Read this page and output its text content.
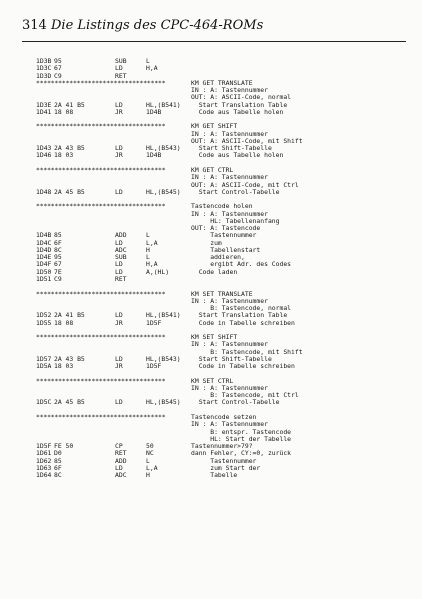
314 Die Listings des CPC-464-ROMs
1D3B 95	SUB	L
1D3C 67	LD	H,A
1D3D C9	RET
***********************************	KM GET TRANSLATE
IN : A: Tastennummer
OUT: A: ASCII-Code, normal
1D3E 2A 41 B5	LD	HL,(B541) Start Translation Table
1D41 18 08	JR	1D4B	Code aus Tabelle holen
***********************************	KM GET SHIFT
IN : A: Tastennummer
OUT: A: ASCII-Code, mit Shift
1D43 2A 43 B5	LD	HL,(B543) Start Shift-Tabelle
1D46 18 03	JR	1D4B	Code aus Tabelle holen
***********************************	KM GET CTRL
IN : A: Tastennummer
OUT: A: ASCII-Code, mit Ctrl
1D48 2A 45 B5	LD	HL,(B545) Start Control-Tabelle
***********************************	Tastencode holen
IN : A: Tastennummer
HL: Tabellenanfang
OUT: A: Tastencode
1D4B 85	ADD	L	Tastennummer
1D4C 6F	LD	L,A	zum
1D4D 8C	ADC	H	Tabellenstart
1D4E 95	SUB	L	addieren,
1D4F 67	LD	H,A	ergibt Adr. des Codes
1D50 7E	LD	A,(HL)	Code laden
1D51 C9	RET
***********************************	KM SET TRANSLATE
IN : A: Tastennummer
B: Tastencode, normal
1D52 2A 41 B5	LD	HL,(B541) Start Translation Table
1D55 18 08	JR	1D5F	Code in Tabelle schreiben
***********************************	KM SET SHIFT
IN : A: Tastennummer
B: Tastencode, mit Shift
1D57 2A 43 B5	LD	HL,(B543) Start Shift-Tabelle
1D5A 18 03	JR	1D5F	Code in Tabelle schreiben
***********************************	KM SET CTRL
IN : A: Tastennummer
B: Tastencode, mit Ctrl
1D5C 2A 45 B5	LD	HL,(B545) Start Control-Tabelle
***********************************	Tastencode setzen
IN : A: Tastennummer
B: entspr. Tastencode
HL: Start der Tabelle
1D5F FE 50	CP	50	Tastennummer>79?
1D61 D0	RET	NC	dann Fehler, CY:=0, zurück
1D62 85	ADD	L	Tastennummer
1D63 6F	LD	L,A	zum Start der
1D64 8C	ADC	H	Tabelle
